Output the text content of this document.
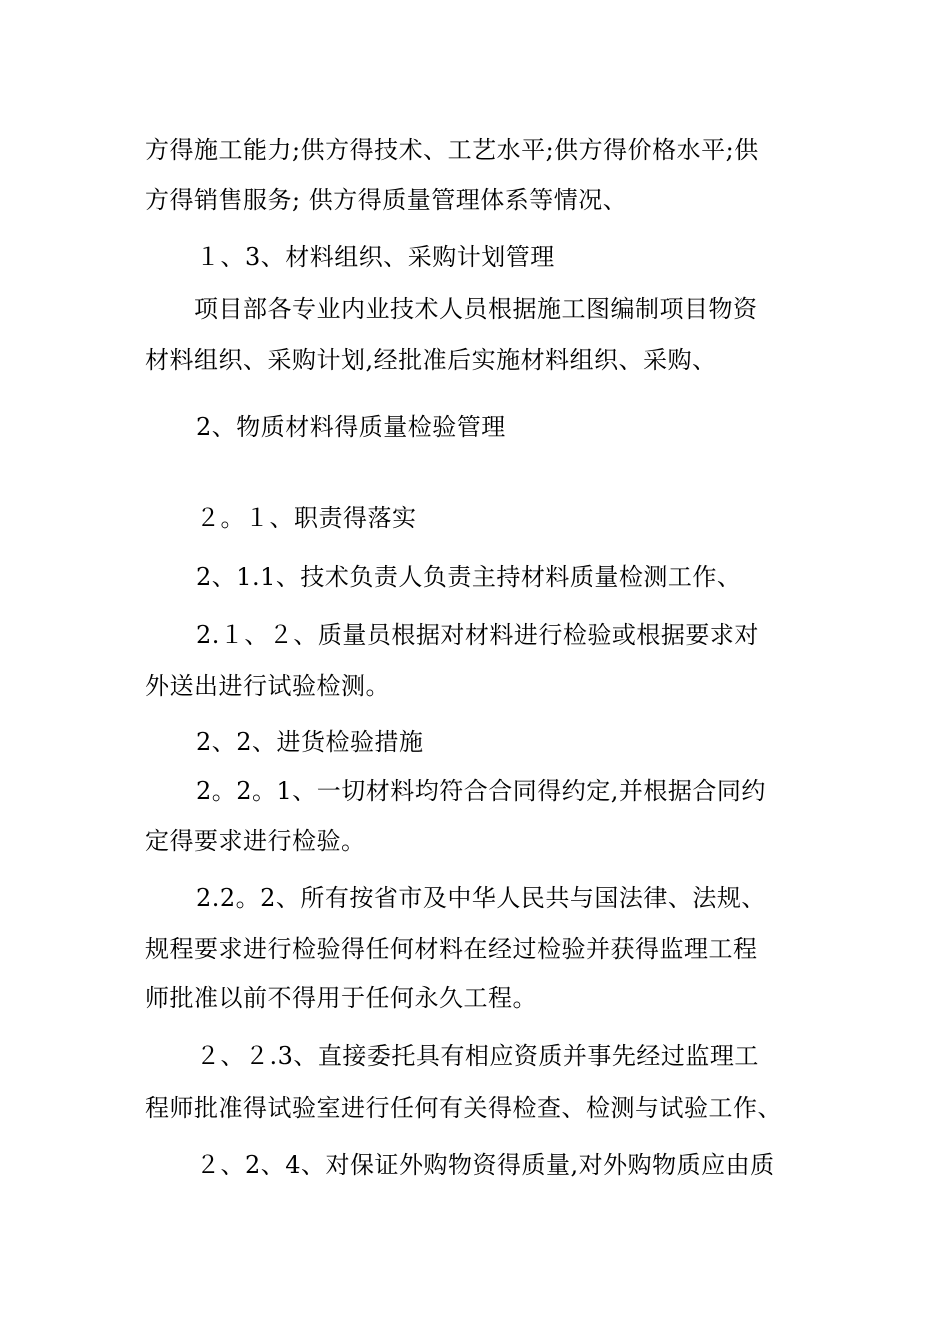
方得施工能力;供方得技术、工艺水平;供方得价格水平;供
方得销售服务; 供方得质量管理体系等情况、
１、3、材料组织、采购计划管理
项目部各专业内业技术人员根据施工图编制项目物资
材料组织、采购计划,经批准后实施材料组织、采购、
2、物质材料得质量检验管理
２。１、职责得落实
2、1.1、技术负责人负责主持材料质量检测工作、
2.１、２、质量员根据对材料进行检验或根据要求对
外送出进行试验检测。
2、2、进货检验措施
2。2。1、一切材料均符合合同得约定,并根据合同约
定得要求进行检验。
2.2。2、所有按省市及中华人民共与国法律、法规、
规程要求进行检验得任何材料在经过检验并获得监理工程
师批准以前不得用于任何永久工程。
２、２.3、直接委托具有相应资质并事先经过监理工
程师批准得试验室进行任何有关得检查、检测与试验工作、
２、2、4、对保证外购物资得质量,对外购物质应由质
